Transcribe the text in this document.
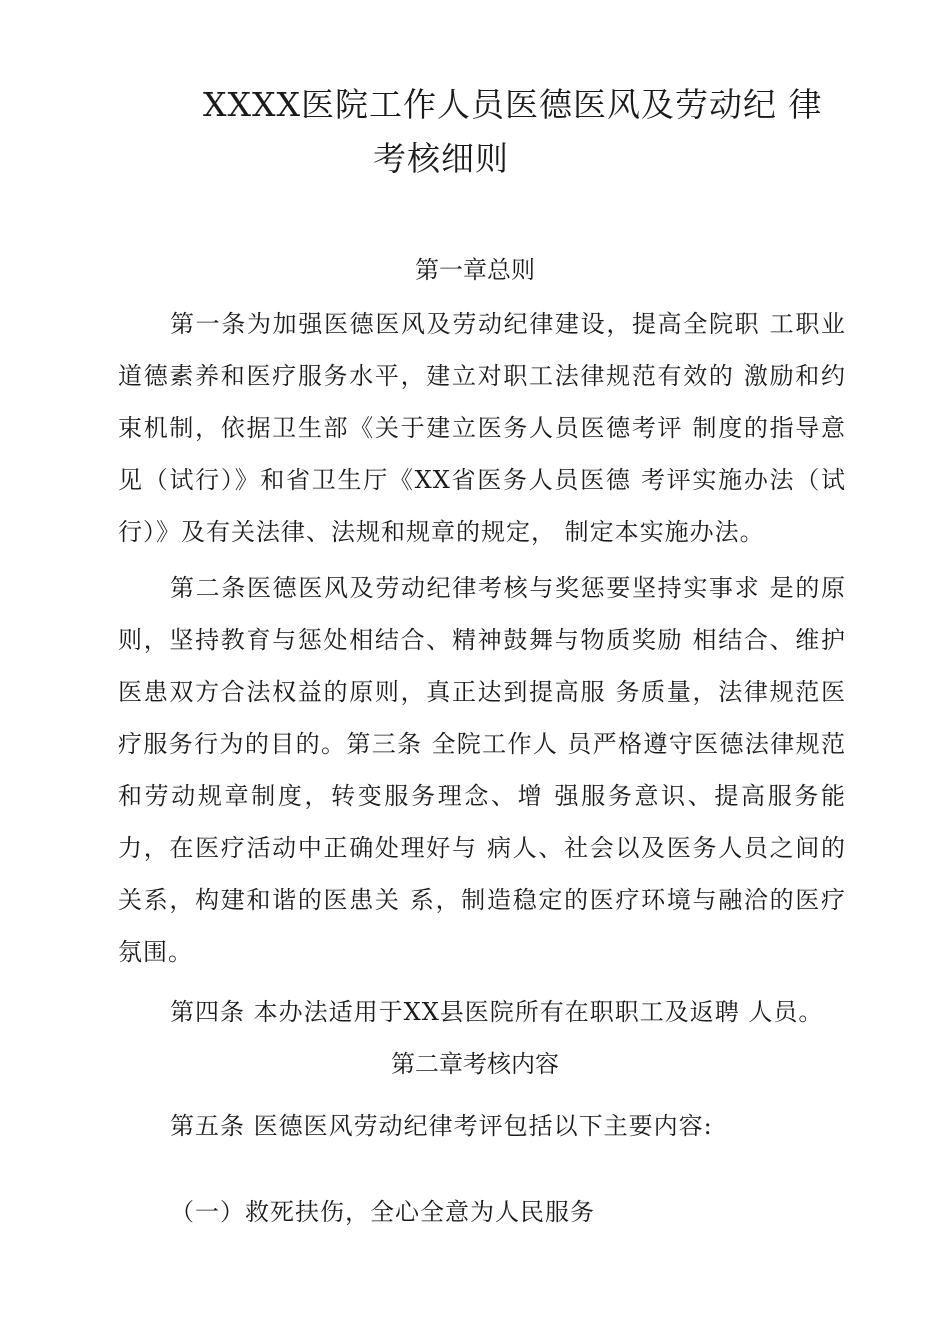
XXXX医院工作人员医德医风及劳动纪 律
考核细则
第一章总则

第一条为加强医德医风及劳动纪律建设，提高全院职 工职业道德素养和医疗服务水平，建立对职工法律规范有效的 激励和约束机制，依据卫生部《关于建立医务人员医德考评 制度的指导意见（试行）》和省卫生厅《XX省医务人员医德 考评实施办法（试行）》及有关法律、法规和规章的规定， 制定本实施办法。

第二条医德医风及劳动纪律考核与奖惩要坚持实事求 是的原则，坚持教育与惩处相结合、精神鼓舞与物质奖励 相结合、维护医患双方合法权益的原则，真正达到提高服 务质量，法律规范医疗服务行为的目的。第三条 全院工作人 员严格遵守医德法律规范和劳动规章制度，转变服务理念、增 强服务意识、提高服务能力，在医疗活动中正确处理好与 病人、社会以及医务人员之间的关系，构建和谐的医患关 系，制造稳定的医疗环境与融洽的医疗氛围。

第四条 本办法适用于XX县医院所有在职职工及返聘 人员。

第二章考核内容

第五条 医德医风劳动纪律考评包括以下主要内容:

（一）救死扶伤，全心全意为人民服务
